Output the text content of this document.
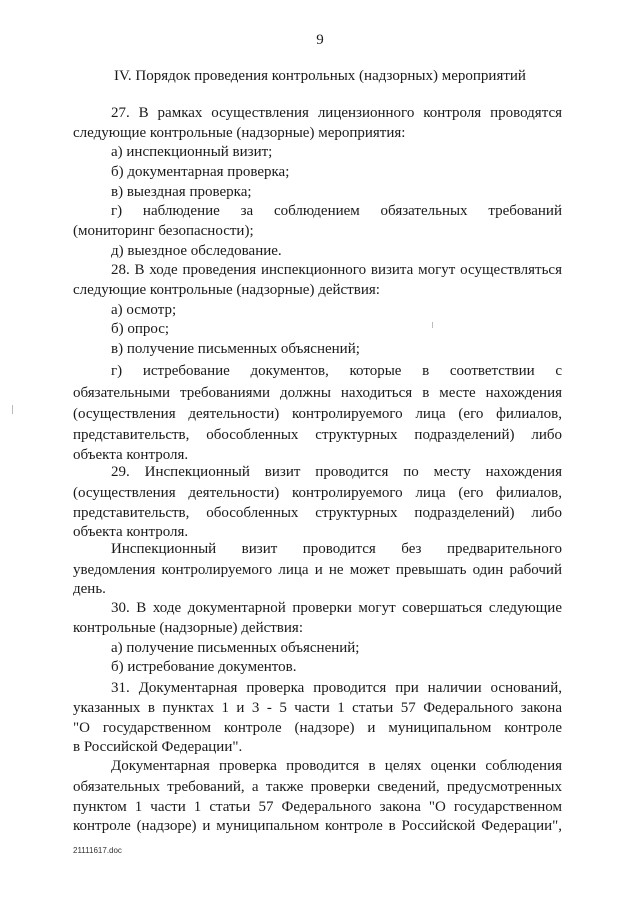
9
IV. Порядок проведения контрольных (надзорных) мероприятий
27. В рамках осуществления лицензионного контроля проводятся
следующие контрольные (надзорные) мероприятия:
а) инспекционный визит;
б) документарная проверка;
в) выездная проверка;
г) наблюдение за соблюдением обязательных требований
(мониторинг безопасности);
д) выездное обследование.
28. В ходе проведения инспекционного визита могут осуществляться
следующие контрольные (надзорные) действия:
а) осмотр;
б) опрос;
в) получение письменных объяснений;
г) истребование документов, которые в соответствии с
обязательными требованиями должны находиться в месте нахождения
(осуществления деятельности) контролируемого лица (его филиалов,
представительств, обособленных структурных подразделений) либо
объекта контроля.
29. Инспекционный визит проводится по месту нахождения
(осуществления деятельности) контролируемого лица (его филиалов,
представительств, обособленных структурных подразделений) либо
объекта контроля.
Инспекционный визит проводится без предварительного
уведомления контролируемого лица и не может превышать один рабочий
день.
30. В ходе документарной проверки могут совершаться следующие
контрольные (надзорные) действия:
а) получение письменных объяснений;
б) истребование документов.
31. Документарная проверка проводится при наличии оснований,
указанных в пунктах 1 и 3 - 5 части 1 статьи 57 Федерального закона
"О государственном контроле (надзоре) и муниципальном контроле
в Российской Федерации".
Документарная проверка проводится в целях оценки соблюдения
обязательных требований, а также проверки сведений, предусмотренных
пунктом 1 части 1 статьи 57 Федерального закона "О государственном
контроле (надзоре) и муниципальном контроле в Российской Федерации",
21111617.doc
